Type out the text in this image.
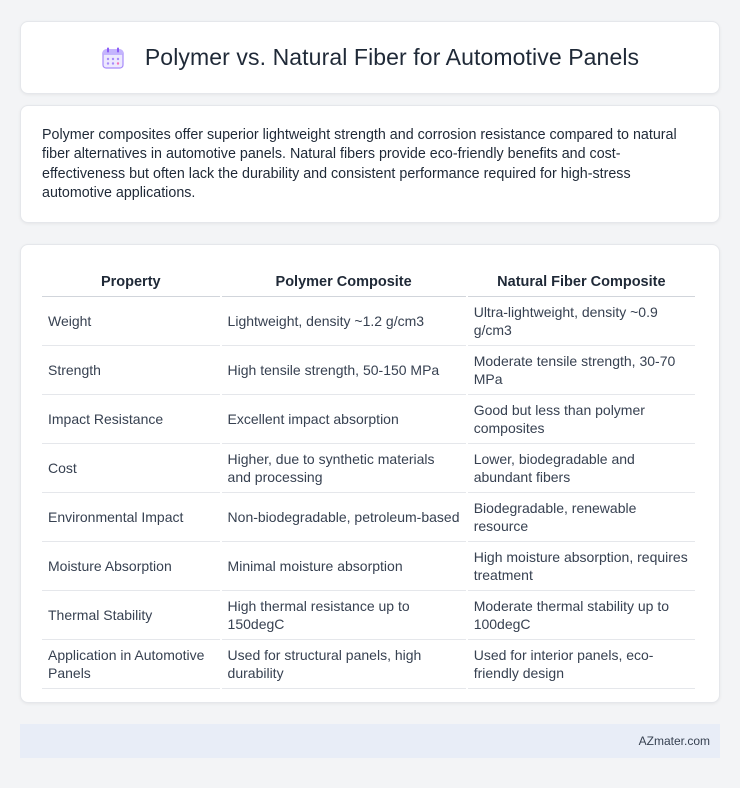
Polymer vs. Natural Fiber for Automotive Panels

Polymer composites offer superior lightweight strength and corrosion resistance compared to natural fiber alternatives in automotive panels. Natural fibers provide eco-friendly benefits and cost-effectiveness but often lack the durability and consistent performance required for high-stress automotive applications.

Property	Polymer Composite	Natural Fiber Composite
Weight	Lightweight, density ~1.2 g/cm3	Ultra-lightweight, density ~0.9 g/cm3
Strength	High tensile strength, 50-150 MPa	Moderate tensile strength, 30-70 MPa
Impact Resistance	Excellent impact absorption	Good but less than polymer composites
Cost	Higher, due to synthetic materials and processing	Lower, biodegradable and abundant fibers
Environmental Impact	Non-biodegradable, petroleum-based	Biodegradable, renewable resource
Moisture Absorption	Minimal moisture absorption	High moisture absorption, requires treatment
Thermal Stability	High thermal resistance up to 150degC	Moderate thermal stability up to 100degC
Application in Automotive Panels	Used for structural panels, high durability	Used for interior panels, eco-friendly design
AZmater.com
